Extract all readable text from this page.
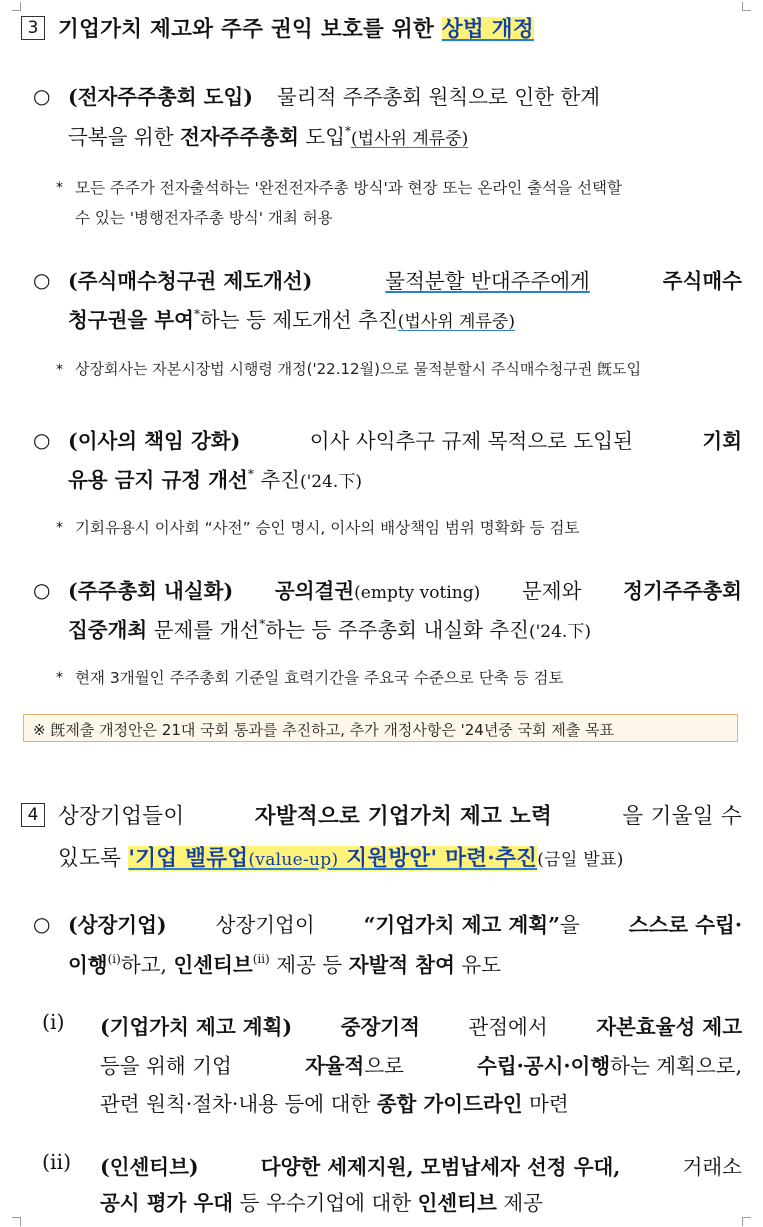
3 기업가치 제고와 주주 권익 보호를 위한 상법 개정
○ (전자주주총회 도입) 물리적 주주총회 원칙으로 인한 한계
극복을 위한 전자주주총회 도입*(법사위 계류중)
* 모든 주주가 전자출석하는 '완전전자주총 방식'과 현장 또는 온라인 출석을 선택할
수 있는 '병행전자주총 방식' 개최 허용
○ (주식매수청구권 제도개선)	물적분할 반대주주에게	주식매수
청구권을 부여*하는 등 제도개선 추진(법사위 계류중)
* 상장회사는 자본시장법 시행령 개정('22.12월)으로 물적분할시 주식매수청구권 旣도입
○ (이사의 책임 강화)	이사 사익추구 규제 목적으로 도입된	기회
유용 금지 규정 개선* 추진('24.下)
* 기회유용시 이사회 “사전” 승인 명시, 이사의 배상책임 범위 명확화 등 검토
○ (주주총회 내실화) 공의결권(empty voting) 문제와 정기주주총회
집중개최 문제를 개선*하는 등 주주총회 내실화 추진('24.下)
* 현재 3개월인 주주총회 기준일 효력기간을 주요국 수준으로 단축 등 검토
※ 旣제출 개정안은 21대 국회 통과를 추진하고, 추가 개정사항은 '24년중 국회 제출 목표
4 상장기업들이	자발적으로 기업가치 제고 노력	을 기울일 수
있도록 '기업 밸류업(value-up) 지원방안' 마련·추진(금일 발표)
○ (상장기업) 상장기업이 “기업가치 제고 계획”을 스스로 수립·
이행$^{(ⅰ)}$하고, 인센티브$^{(ⅱ)}$ 제공 등 자발적 참여 유도
(ⅰ) (기업가치 제고 계획) 중장기적 관점에서 자본효율성 제고
등을 위해 기업	자율적으로	수립·공시·이행하는 계획으로,
관련 원칙·절차·내용 등에 대한 종합 가이드라인 마련
(ⅱ) (인센티브)	다양한 세제지원, 모범납세자 선정 우대,	거래소
공시 평가 우대 등 우수기업에 대한 인센티브 제공
